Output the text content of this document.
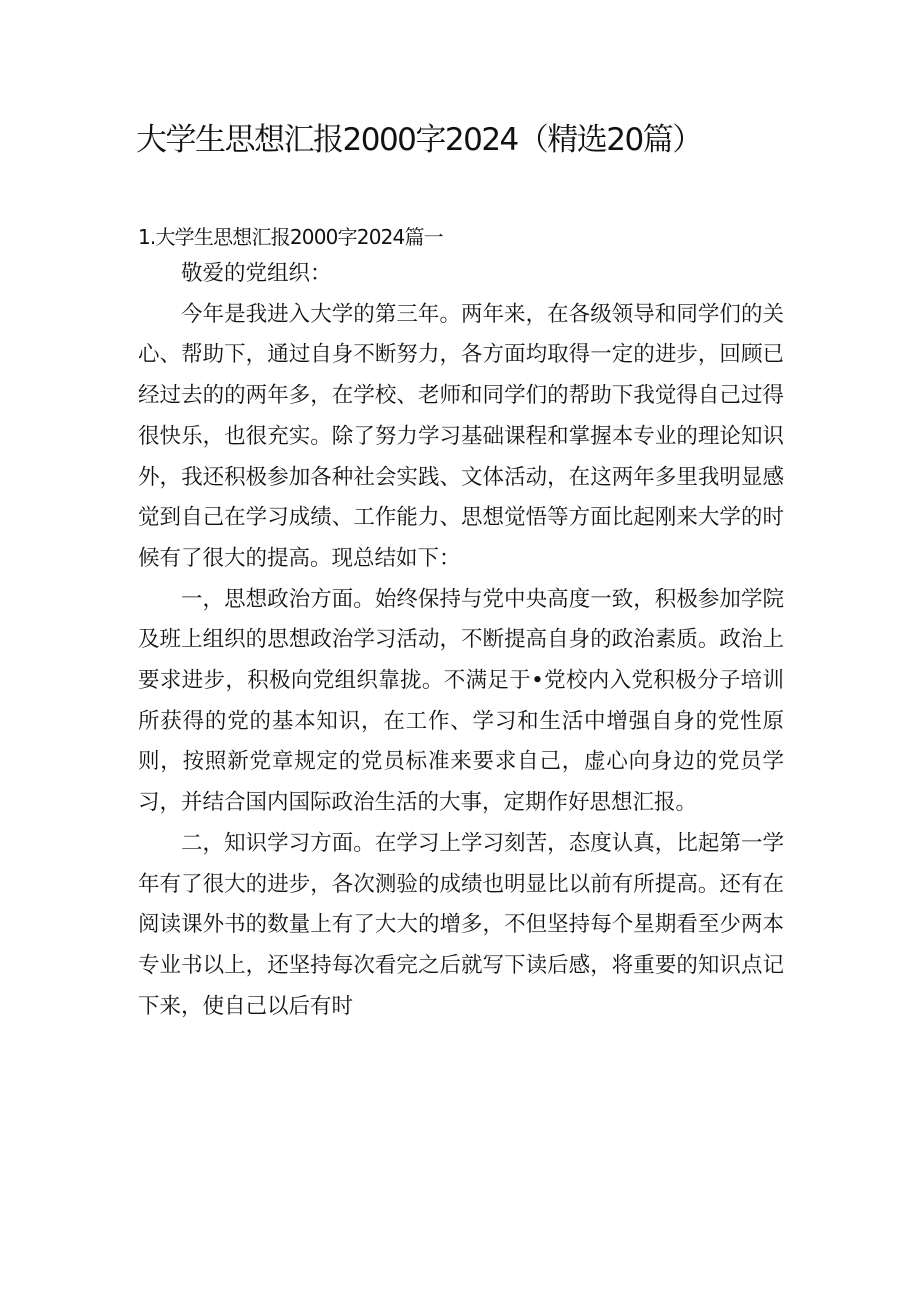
大学生思想汇报2000字2024（精选20篇）
1.大学生思想汇报2000字2024篇一

敬爱的党组织：

今年是我进入大学的第三年。两年来，在各级领导和同学们的关心、帮助下，通过自身不断努力，各方面均取得一定的进步，回顾已经过去的的两年多，在学校、老师和同学们的帮助下我觉得自己过得很快乐，也很充实。除了努力学习基础课程和掌握本专业的理论知识外，我还积极参加各种社会实践、文体活动，在这两年多里我明显感觉到自己在学习成绩、工作能力、思想觉悟等方面比起刚来大学的时候有了很大的提高。现总结如下：

一，思想政治方面。始终保持与党中央高度一致，积极参加学院及班上组织的思想政治学习活动，不断提高自身的政治素质。政治上要求进步，积极向党组织靠拢。不满足于•党校内入党积极分子培训所获得的党的基本知识，在工作、学习和生活中增强自身的党性原则，按照新党章规定的党员标准来要求自己，虚心向身边的党员学习，并结合国内国际政治生活的大事，定期作好思想汇报。

二，知识学习方面。在学习上学习刻苦，态度认真，比起第一学年有了很大的进步，各次测验的成绩也明显比以前有所提高。还有在阅读课外书的数量上有了大大的增多，不但坚持每个星期看至少两本专业书以上，还坚持每次看完之后就写下读后感，将重要的知识点记下来，使自己以后有时
